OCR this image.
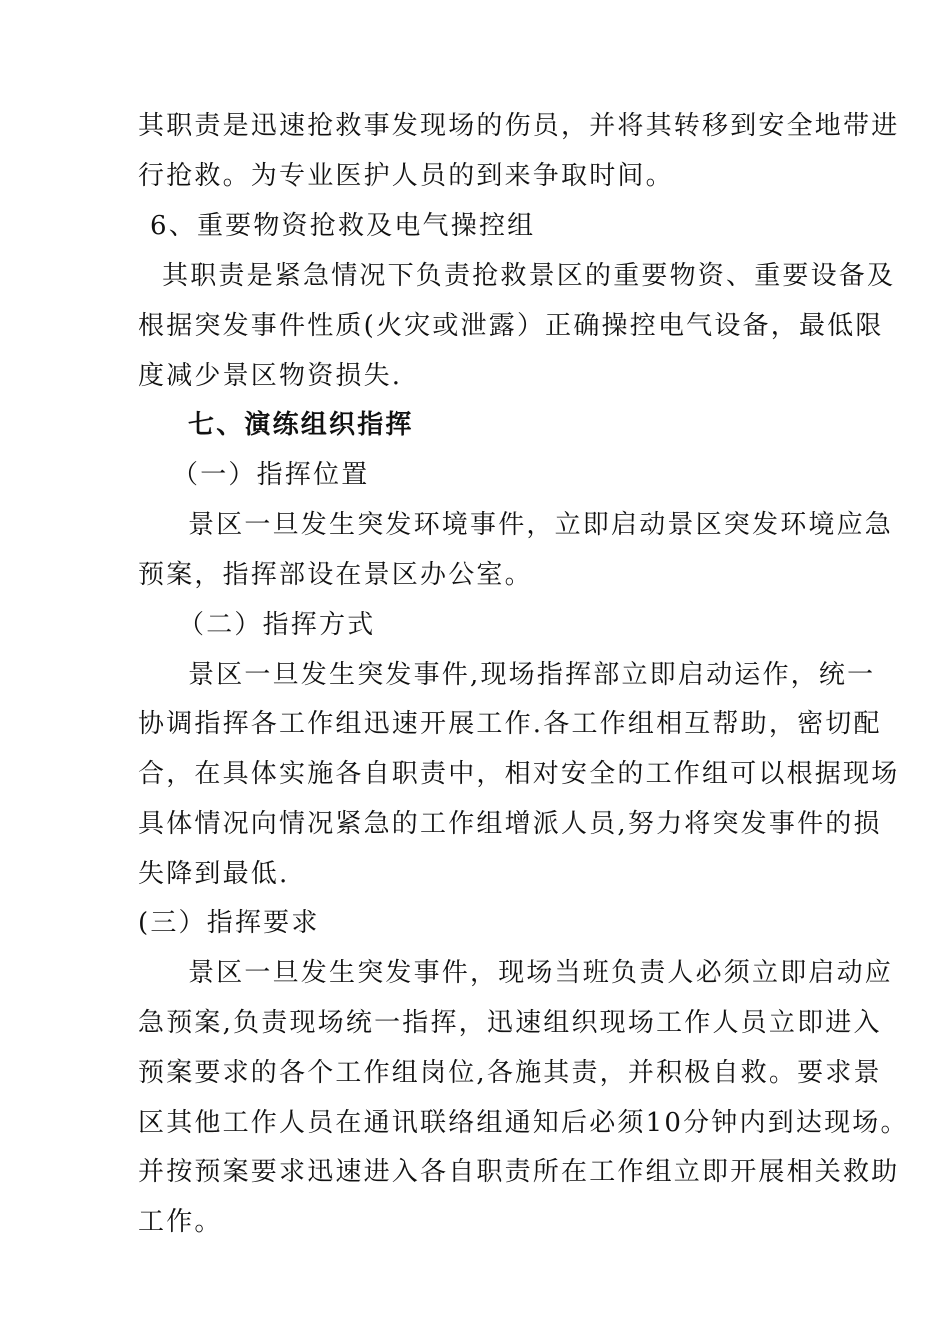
其职责是迅速抢救事发现场的伤员，并将其转移到安全地带进
行抢救。为专业医护人员的到来争取时间。
6、重要物资抢救及电气操控组
其职责是紧急情况下负责抢救景区的重要物资、重要设备及
根据突发事件性质(火灾或泄露）正确操控电气设备，最低限
度减少景区物资损失.
七、演练组织指挥
（一）指挥位置
景区一旦发生突发环境事件，立即启动景区突发环境应急
预案，指挥部设在景区办公室。
（二）指挥方式
景区一旦发生突发事件,现场指挥部立即启动运作，统一
协调指挥各工作组迅速开展工作.各工作组相互帮助，密切配
合，在具体实施各自职责中，相对安全的工作组可以根据现场
具体情况向情况紧急的工作组增派人员,努力将突发事件的损
失降到最低.
(三）指挥要求
景区一旦发生突发事件，现场当班负责人必须立即启动应
急预案,负责现场统一指挥，迅速组织现场工作人员立即进入
预案要求的各个工作组岗位,各施其责，并积极自救。要求景
区其他工作人员在通讯联络组通知后必须10分钟内到达现场。
并按预案要求迅速进入各自职责所在工作组立即开展相关救助
工作。
